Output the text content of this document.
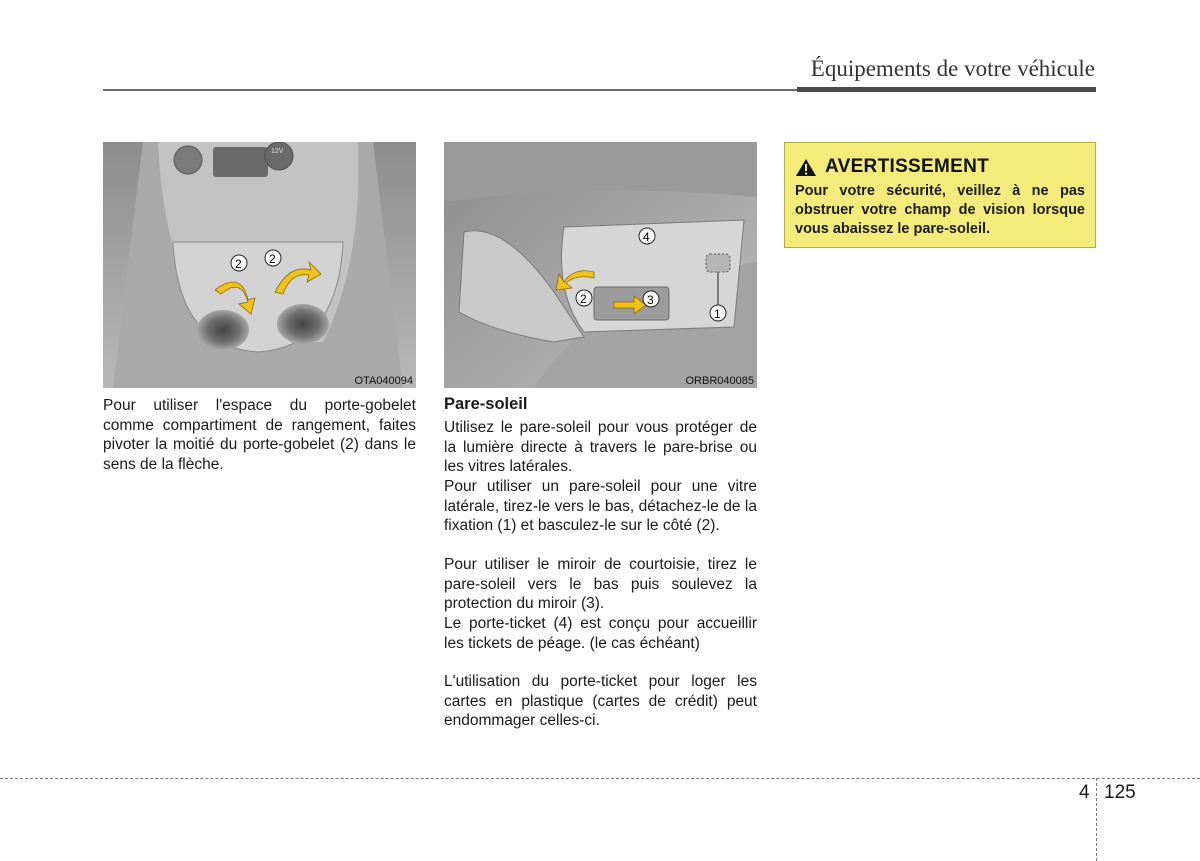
Équipements de votre véhicule
12V
2 2
OTA040094
4
2	3
1
ORBR040085

Pour utiliser l'espace du porte-gobelet comme compartiment de rangement, faites pivoter la moitié du porte-gobelet (2) dans le sens de la flèche.

Pare-soleil

Utilisez le pare-soleil pour vous protéger de la lumière directe à travers le pare-brise ou les vitres latérales.

Pour utiliser un pare-soleil pour une vitre latérale, tirez-le vers le bas, détachez-le de la fixation (1) et basculez-le sur le côté (2).

Pour utiliser le miroir de courtoisie, tirez le pare-soleil vers le bas puis soulevez la protection du miroir (3).

Le porte-ticket (4) est conçu pour accueillir les tickets de péage. (le cas échéant)

L'utilisation du porte-ticket pour loger les cartes en plastique (cartes de crédit) peut endommager celles-ci.

AVERTISSEMENT

Pour votre sécurité, veillez à ne pas obstruer votre champ de vision lorsque vous abaissez le pare-soleil.

4 125
